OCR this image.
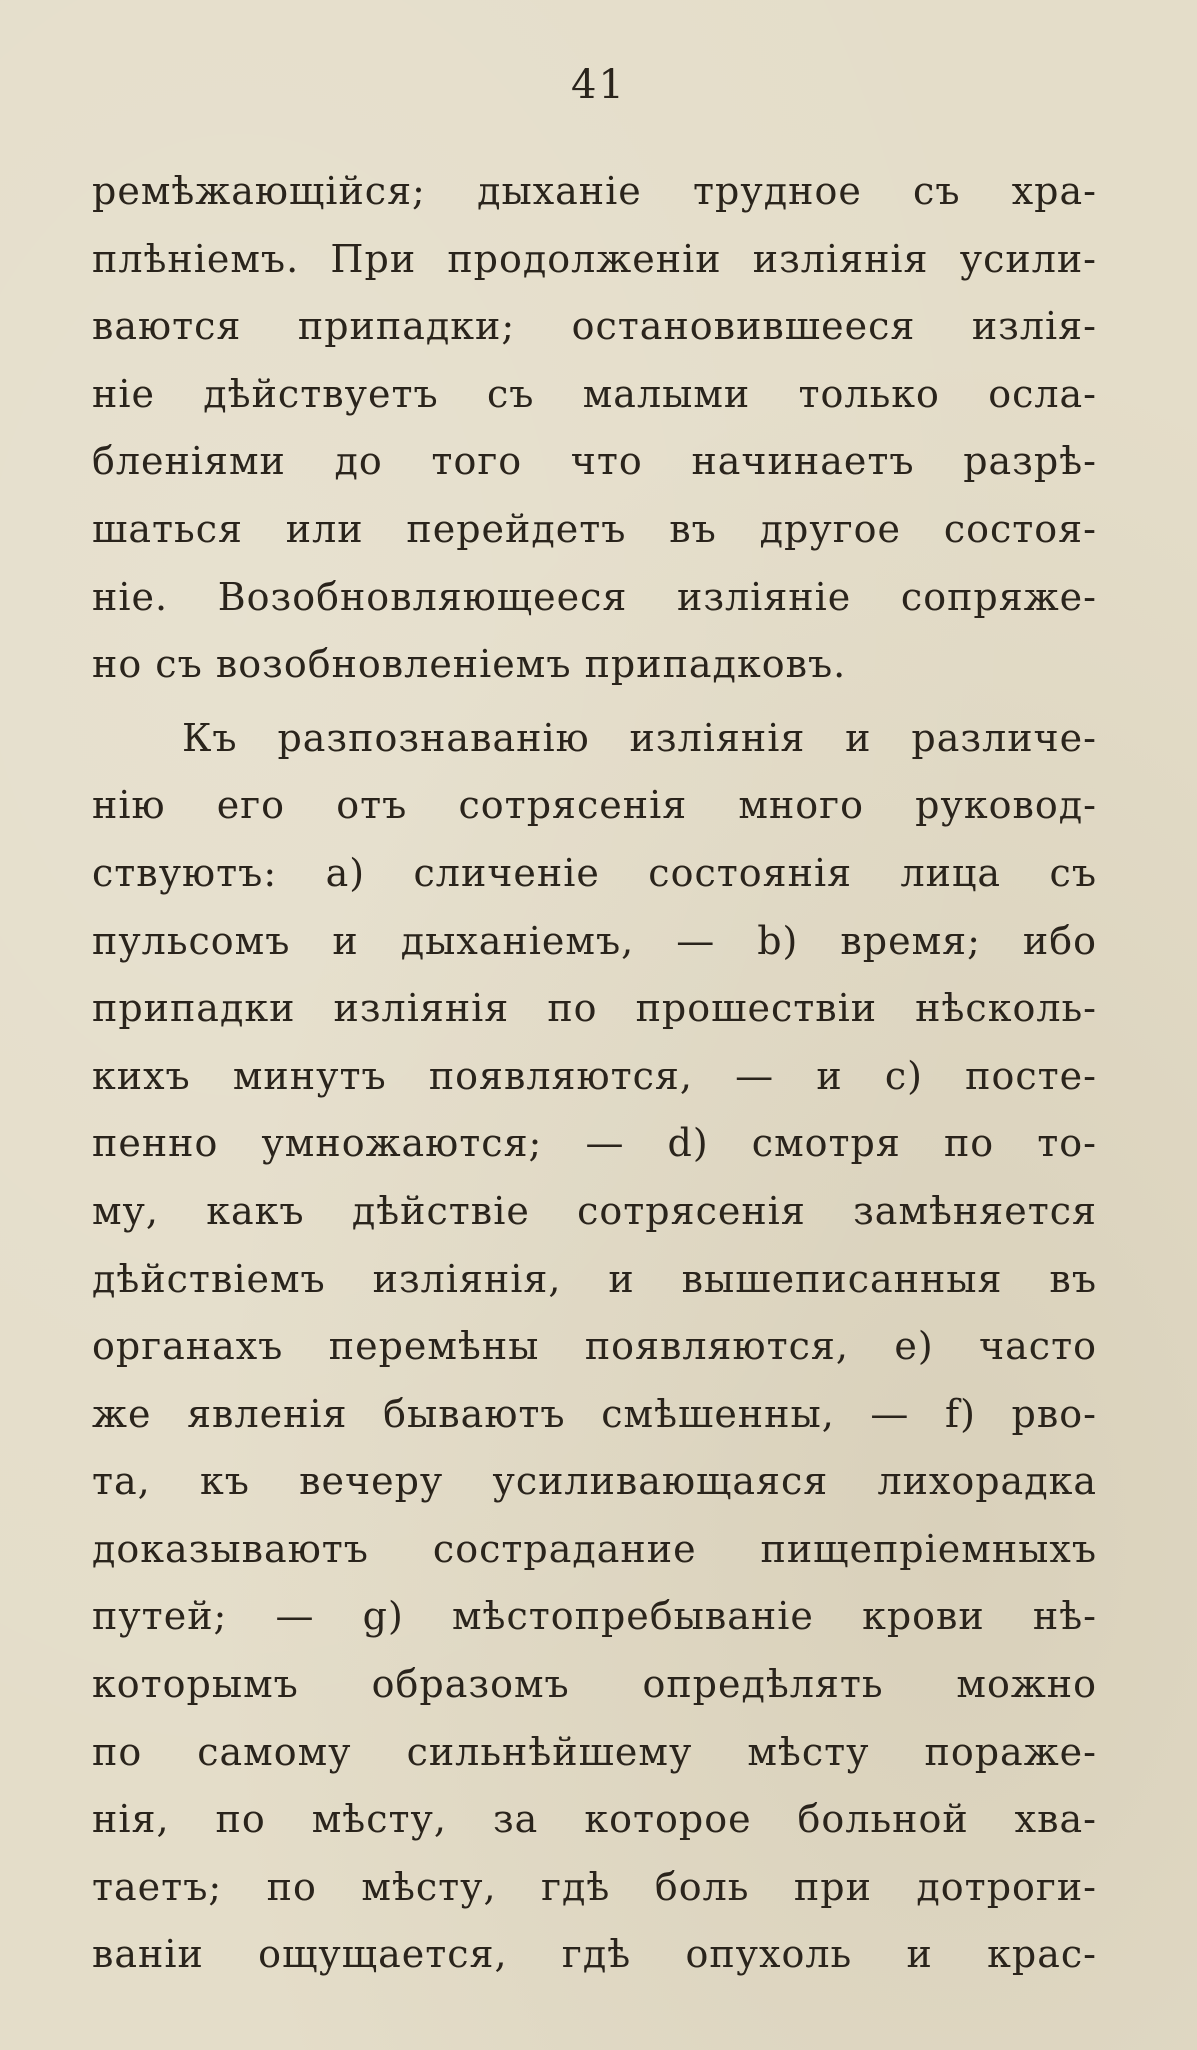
41
ремѣжающійся; дыханіе трудное съ хра-
плѣніемъ. При продолженіи изліянія усили-
ваются припадки; остановившееся излія-
ніе дѣйствуетъ съ малыми только осла-
бленіями до того что начинаетъ разрѣ-
шаться или перейдетъ въ другое состоя-
ніе. Возобновляющееся изліяніе сопряже-
но съ возобновленіемъ припадковъ.
Къ разпознаванію изліянія и различе-
нію его отъ сотрясенія много руковод-
ствуютъ: a) сличеніе состоянія лица съ
пульсомъ и дыханіемъ, — b) время; ибо
припадки изліянія по прошествіи нѣсколь-
кихъ минутъ появляются, — и c) посте-
пенно умножаются; — d) смотря по то-
му, какъ дѣйствіе сотрясенія замѣняется
дѣйствіемъ изліянія, и вышеписанныя въ
органахъ перемѣны появляются, e) часто
же явленія бываютъ смѣшенны, — f) рво-
та, къ вечеру усиливающаяся лихорадка
доказываютъ сострадание пищепріемныхъ
путей; — g) мѣстопребываніе крови нѣ-
которымъ образомъ опредѣлять можно
по самому сильнѣйшему мѣсту пораже-
нія, по мѣсту, за которое больной хва-
таетъ; по мѣсту, гдѣ боль при дотроги-
ваніи ощущается, гдѣ опухоль и крас-
